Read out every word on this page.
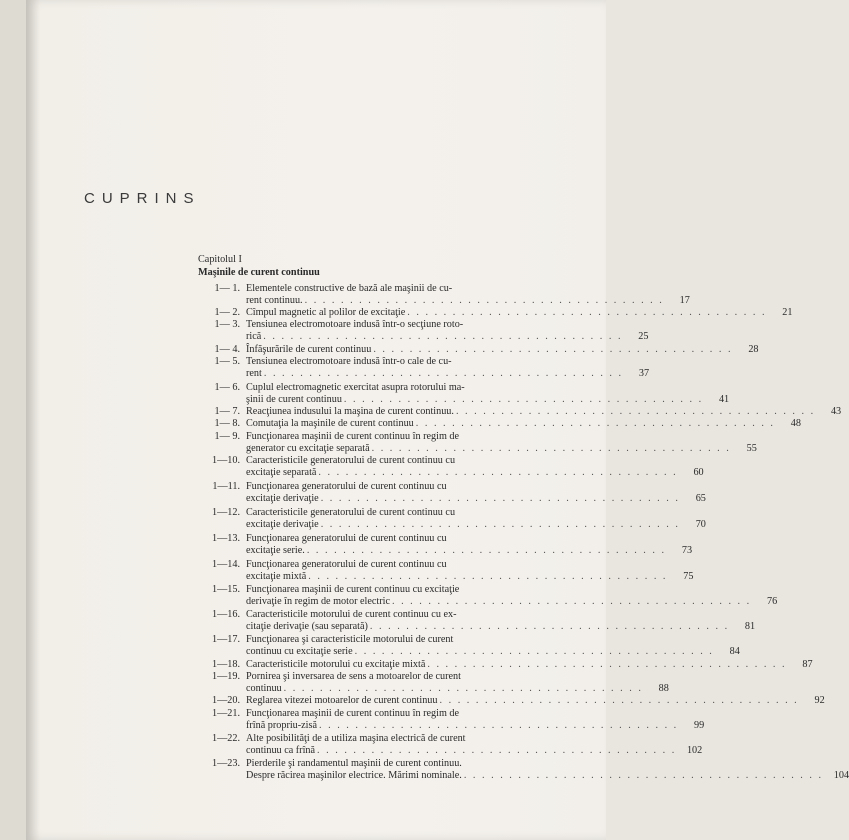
CUPRINS
Capitolul I
Maşinile de curent continuu
1— 1. Elementele constructive de bază ale maşinii de cu-
rent continuu. . . . . . . . . . . . . . . . . . . . . . . . . . . . . . . . . . . . . . . . .	17
1— 2. Cîmpul magnetic al polilor de excitaţie . . . . . . . . . . . . . . . . . . . . . . . . . . . . . . . . . . . . . . . .	21
1— 3. Tensiunea electromotoare indusă într-o secţiune roto-
rică . . . . . . . . . . . . . . . . . . . . . . . . . . . . . . . . . . . . . . . .	25
1— 4. Înfăşurările de curent continuu . . . . . . . . . . . . . . . . . . . . . . . . . . . . . . . . . . . . . . . .	28
1— 5. Tensiunea electromotoare indusă într-o cale de cu-
rent . . . . . . . . . . . . . . . . . . . . . . . . . . . . . . . . . . . . . . . .	37
1— 6. Cuplul electromagnetic exercitat asupra rotorului ma-
şinii de curent continuu . . . . . . . . . . . . . . . . . . . . . . . . . . . . . . . . . . . . . . . .	41
1— 7. Reacţiunea indusului la maşina de curent continuu. . . . . . . . . . . . . . . . . . . . . . . . . . . . . . . . . . . . . . . . .	43
1— 8. Comutaţia la maşinile de curent continuu . . . . . . . . . . . . . . . . . . . . . . . . . . . . . . . . . . . . . . . .	48
1— 9. Funcţionarea maşinii de curent continuu în regim de
generator cu excitaţie separată . . . . . . . . . . . . . . . . . . . . . . . . . . . . . . . . . . . . . . . .	55
1—10. Caracteristicile generatorului de curent continuu cu
excitaţie separată . . . . . . . . . . . . . . . . . . . . . . . . . . . . . . . . . . . . . . . .	60
1—11. Funcţionarea generatorului de curent continuu cu
excitaţie derivaţie . . . . . . . . . . . . . . . . . . . . . . . . . . . . . . . . . . . . . . . .	65
1—12. Caracteristicile generatorului de curent continuu cu
excitaţie derivaţie . . . . . . . . . . . . . . . . . . . . . . . . . . . . . . . . . . . . . . . .	70
1—13. Funcţionarea generatorului de curent continuu cu
excitaţie serie. . . . . . . . . . . . . . . . . . . . . . . . . . . . . . . . . . . . . . . . .	73
1—14. Funcţionarea generatorului de curent continuu cu
excitaţie mixtă . . . . . . . . . . . . . . . . . . . . . . . . . . . . . . . . . . . . . . . .	75
1—15. Funcţionarea maşinii de curent continuu cu excitaţie
derivaţie în regim de motor electric . . . . . . . . . . . . . . . . . . . . . . . . . . . . . . . . . . . . . . . .	76
1—16. Caracteristicile motorului de curent continuu cu ex-
citaţie derivaţie (sau separată) . . . . . . . . . . . . . . . . . . . . . . . . . . . . . . . . . . . . . . . .	81
1—17. Funcţionarea şi caracteristicile motorului de curent
continuu cu excitaţie serie . . . . . . . . . . . . . . . . . . . . . . . . . . . . . . . . . . . . . . . .	84
1—18. Caracteristicile motorului cu excitaţie mixtă . . . . . . . . . . . . . . . . . . . . . . . . . . . . . . . . . . . . . . . .	87
1—19. Pornirea şi inversarea de sens a motoarelor de curent
continuu . . . . . . . . . . . . . . . . . . . . . . . . . . . . . . . . . . . . . . . .	88
1—20. Reglarea vitezei motoarelor de curent continuu . . . . . . . . . . . . . . . . . . . . . . . . . . . . . . . . . . . . . . . .	92
1—21. Funcţionarea maşinii de curent continuu în regim de
frînă propriu-zisă . . . . . . . . . . . . . . . . . . . . . . . . . . . . . . . . . . . . . . . .	99
1—22. Alte posibilităţi de a utiliza maşina electrică de curent
continuu ca frînă . . . . . . . . . . . . . . . . . . . . . . . . . . . . . . . . . . . . . . . .	102
1—23. Pierderile şi randamentul maşinii de curent continuu.
Despre răcirea maşinilor electrice. Mărimi nominale. . . . . . . . . . . . . . . . . . . . . . . . . . . . . . . . . . . . . . . . .	104
